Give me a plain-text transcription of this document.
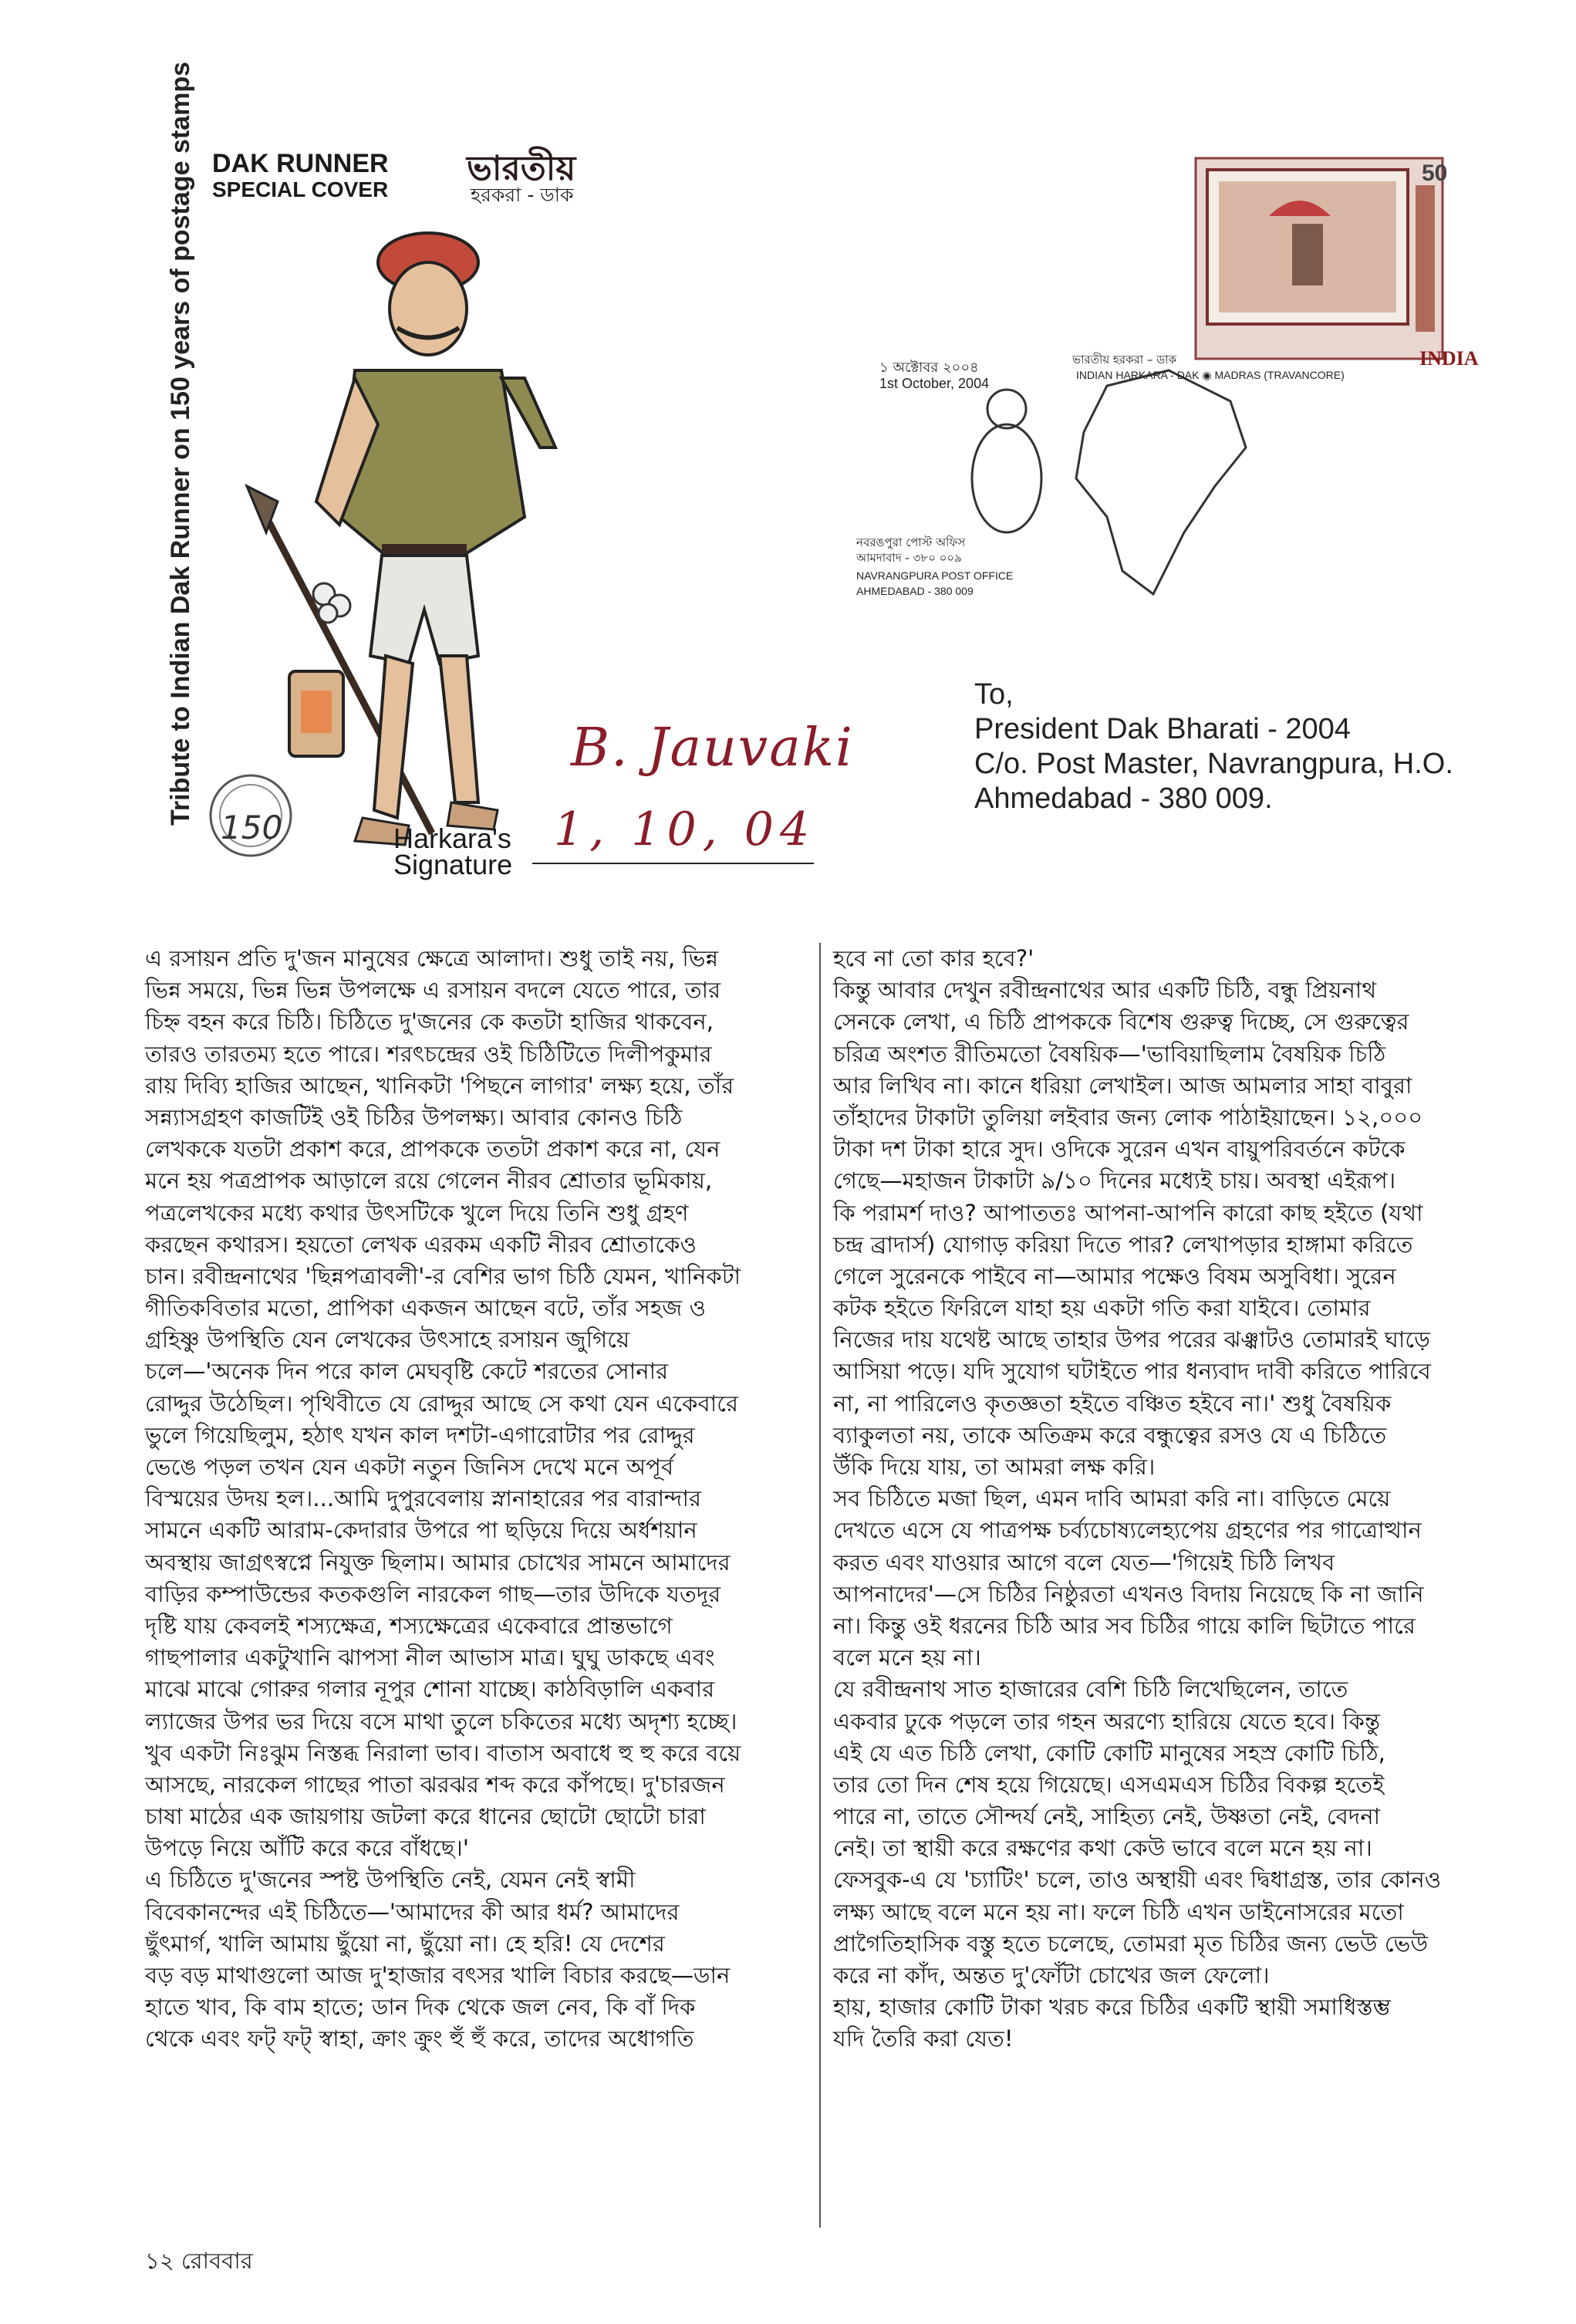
Tribute to Indian Dak Runner on 150 years of postage stamps DAK RUNNER
SPECIAL COVER
ভারতীয়
হরকরা - ডাক
150	Harkara's
Signature
B. Jauvaki
1, 10, 04
50
INDIA
১ অক্টোবর ২০০৪
1st October, 2004
ভারতীয় হরকরা – ডাক
INDIAN HARKARA - DAK ◉ MADRAS (TRAVANCORE)
নবরঙপুরা পোস্ট অফিস
আমদাবাদ - ৩৮০ ০০৯
NAVRANGPURA POST OFFICE
AHMEDABAD - 380 009
To,
President Dak Bharati - 2004
C/o. Post Master, Navrangpura, H.O.
Ahmedabad - 380 009.
এ রসায়ন প্রতি দু'জন মানুষের ক্ষেত্রে আলাদা। শুধু তাই নয়, ভিন্ন
ভিন্ন সময়ে, ভিন্ন ভিন্ন উপলক্ষে এ রসায়ন বদলে যেতে পারে, তার
চিহ্ন বহন করে চিঠি। চিঠিতে দু'জনের কে কতটা হাজির থাকবেন,
তারও তারতম্য হতে পারে। শরৎচন্দ্রের ওই চিঠিটিতে দিলীপকুমার
রায় দিব্যি হাজির আছেন, খানিকটা 'পিছনে লাগার' লক্ষ্য হয়ে, তাঁর
সন্ন্যাসগ্রহণ কাজটিই ওই চিঠির উপলক্ষ্য। আবার কোনও চিঠি
লেখককে যতটা প্রকাশ করে, প্রাপককে ততটা প্রকাশ করে না, যেন
মনে হয় পত্রপ্রাপক আড়ালে রয়ে গেলেন নীরব শ্রোতার ভূমিকায়,
পত্রলেখকের মধ্যে কথার উৎসটিকে খুলে দিয়ে তিনি শুধু গ্রহণ
করছেন কথারস। হয়তো লেখক এরকম একটি নীরব শ্রোতাকেও
চান। রবীন্দ্রনাথের 'ছিন্নপত্রাবলী'-র বেশির ভাগ চিঠি যেমন, খানিকটা
গীতিকবিতার মতো, প্রাপিকা একজন আছেন বটে, তাঁর সহজ ও
গ্রহিষ্ণু উপস্থিতি যেন লেখকের উৎসাহে রসায়ন জুগিয়ে
চলে—'অনেক দিন পরে কাল মেঘবৃষ্টি কেটে শরতের সোনার
রোদ্দুর উঠেছিল। পৃথিবীতে যে রোদ্দুর আছে সে কথা যেন একেবারে
ভুলে গিয়েছিলুম, হঠাৎ যখন কাল দশটা-এগারোটার পর রোদ্দুর
ভেঙে পড়ল তখন যেন একটা নতুন জিনিস দেখে মনে অপূর্ব
বিস্ময়ের উদয় হল।...আমি দুপুরবেলায় স্নানাহারের পর বারান্দার
সামনে একটি আরাম-কেদারার উপরে পা ছড়িয়ে দিয়ে অর্ধশয়ান
অবস্থায় জাগ্রৎস্বপ্নে নিযুক্ত ছিলাম। আমার চোখের সামনে আমাদের
বাড়ির কম্পাউন্ডের কতকগুলি নারকেল গাছ—তার উদিকে যতদূর
দৃষ্টি যায় কেবলই শস্যক্ষেত্র, শস্যক্ষেত্রের একেবারে প্রান্তভাগে
গাছপালার একটুখানি ঝাপসা নীল আভাস মাত্র। ঘুঘু ডাকছে এবং
মাঝে মাঝে গোরুর গলার নূপুর শোনা যাচ্ছে। কাঠবিড়ালি একবার
ল্যাজের উপর ভর দিয়ে বসে মাথা তুলে চকিতের মধ্যে অদৃশ্য হচ্ছে।
খুব একটা নিঃঝুম নিস্তব্ধ নিরালা ভাব। বাতাস অবাধে হু হু করে বয়ে
আসছে, নারকেল গাছের পাতা ঝরঝর শব্দ করে কাঁপছে। দু'চারজন
চাষা মাঠের এক জায়গায় জটলা করে ধানের ছোটো ছোটো চারা
উপড়ে নিয়ে আঁটি করে করে বাঁধছে।'
এ চিঠিতে দু'জনের স্পষ্ট উপস্থিতি নেই, যেমন নেই স্বামী
বিবেকানন্দের এই চিঠিতে—'আমাদের কী আর ধর্ম? আমাদের
ছুঁৎমার্গ, খালি আমায় ছুঁয়ো না, ছুঁয়ো না। হে হরি! যে দেশের
বড় বড় মাথাগুলো আজ দু'হাজার বৎসর খালি বিচার করছে—ডান
হাতে খাব, কি বাম হাতে; ডান দিক থেকে জল নেব, কি বাঁ দিক
থেকে এবং ফট্ ফট্ স্বাহা, ক্রাং ক্রুং হুঁ হুঁ করে, তাদের অধোগতি
হবে না তো কার হবে?'
কিন্তু আবার দেখুন রবীন্দ্রনাথের আর একটি চিঠি, বন্ধু প্রিয়নাথ
সেনকে লেখা, এ চিঠি প্রাপককে বিশেষ গুরুত্ব দিচ্ছে, সে গুরুত্বের
চরিত্র অংশত রীতিমতো বৈষয়িক—'ভাবিয়াছিলাম বৈষয়িক চিঠি
আর লিখিব না। কানে ধরিয়া লেখাইল। আজ আমলার সাহা বাবুরা
তাঁহাদের টাকাটা তুলিয়া লইবার জন্য লোক পাঠাইয়াছেন। ১২,০০০
টাকা দশ টাকা হারে সুদ। ওদিকে সুরেন এখন বায়ুপরিবর্তনে কটকে
গেছে—মহাজন টাকাটা ৯/১০ দিনের মধ্যেই চায়। অবস্থা এইরূপ।
কি পরামর্শ দাও? আপাততঃ আপনা-আপনি কারো কাছ হইতে (যথা
চন্দ্র ব্রাদার্স) যোগাড় করিয়া দিতে পার? লেখাপড়ার হাঙ্গামা করিতে
গেলে সুরেনকে পাইবে না—আমার পক্ষেও বিষম অসুবিধা। সুরেন
কটক হইতে ফিরিলে যাহা হয় একটা গতি করা যাইবে। তোমার
নিজের দায় যথেষ্ট আছে তাহার উপর পরের ঝঞ্ঝাটও তোমারই ঘাড়ে
আসিয়া পড়ে। যদি সুযোগ ঘটাইতে পার ধন্যবাদ দাবী করিতে পারিবে
না, না পারিলেও কৃতজ্ঞতা হইতে বঞ্চিত হইবে না।' শুধু বৈষয়িক
ব্যাকুলতা নয়, তাকে অতিক্রম করে বন্ধুত্বের রসও যে এ চিঠিতে
উঁকি দিয়ে যায়, তা আমরা লক্ষ করি।
সব চিঠিতে মজা ছিল, এমন দাবি আমরা করি না। বাড়িতে মেয়ে
দেখতে এসে যে পাত্রপক্ষ চর্ব্যচোষ্যলেহ্যপেয় গ্রহণের পর গাত্রোত্থান
করত এবং যাওয়ার আগে বলে যেত—'গিয়েই চিঠি লিখব
আপনাদের'—সে চিঠির নিষ্ঠুরতা এখনও বিদায় নিয়েছে কি না জানি
না। কিন্তু ওই ধরনের চিঠি আর সব চিঠির গায়ে কালি ছিটাতে পারে
বলে মনে হয় না।
যে রবীন্দ্রনাথ সাত হাজারের বেশি চিঠি লিখেছিলেন, তাতে
একবার ঢুকে পড়লে তার গহন অরণ্যে হারিয়ে যেতে হবে। কিন্তু
এই যে এত চিঠি লেখা, কোটি কোটি মানুষের সহস্র কোটি চিঠি,
তার তো দিন শেষ হয়ে গিয়েছে। এসএমএস চিঠির বিকল্প হতেই
পারে না, তাতে সৌন্দর্য নেই, সাহিত্য নেই, উষ্ণতা নেই, বেদনা
নেই। তা স্থায়ী করে রক্ষণের কথা কেউ ভাবে বলে মনে হয় না।
ফেসবুক-এ যে 'চ্যাটিং' চলে, তাও অস্থায়ী এবং দ্বিধাগ্রস্ত, তার কোনও
লক্ষ্য আছে বলে মনে হয় না। ফলে চিঠি এখন ডাইনোসরের মতো
প্রাগৈতিহাসিক বস্তু হতে চলেছে, তোমরা মৃত চিঠির জন্য ভেউ ভেউ
করে না কাঁদ, অন্তত দু'ফোঁটা চোখের জল ফেলো।
হায়, হাজার কোটি টাকা খরচ করে চিঠির একটি স্থায়ী সমাধিস্তম্ভ
যদি তৈরি করা যেত!
১২ রোববার
